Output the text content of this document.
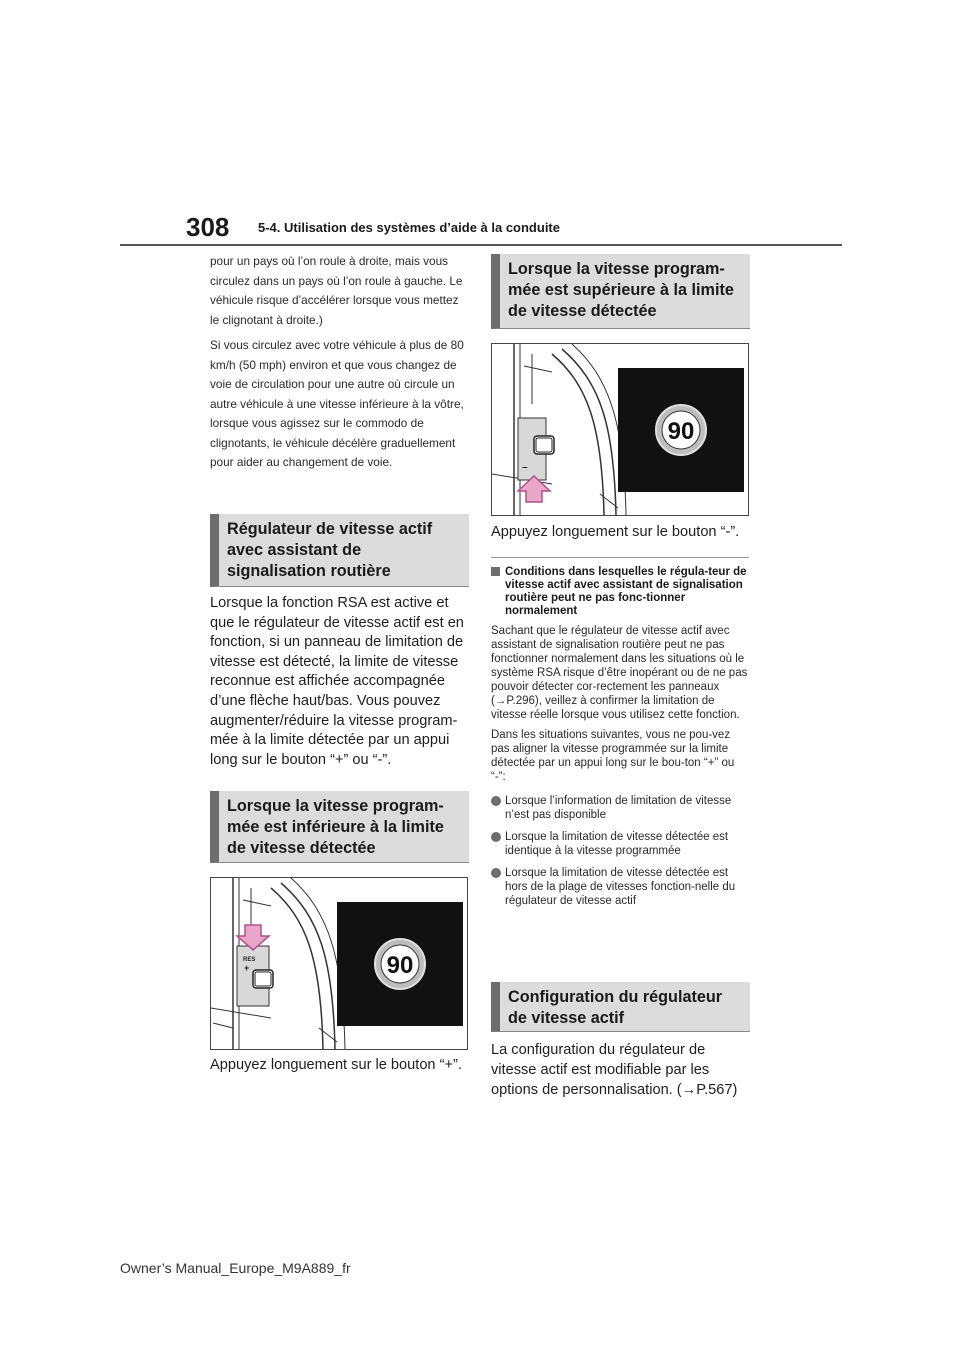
308 5-4. Utilisation des systèmes d’aide à la conduite

pour un pays où l’on roule à droite, mais vous circulez dans un pays où l’on roule à gauche. Le véhicule risque d’accélérer lorsque vous mettez le clignotant à droite.)

Si vous circulez avec votre véhicule à plus de 80 km/h (50 mph) environ et que vous changez de voie de circulation pour une autre où circule un autre véhicule à une vitesse inférieure à la vôtre, lorsque vous agissez sur le commodo de clignotants, le véhicule décélère graduellement pour aider au changement de voie.

Régulateur de vitesse actif avec assistant de signalisation routière

Lorsque la fonction RSA est active et que le régulateur de vitesse actif est en fonction, si un panneau de limitation de vitesse est détecté, la limite de vitesse reconnue est affichée accompagnée d’une flèche haut/bas. Vous pouvez augmenter/réduire la vitesse program-mée à la limite détectée par un appui long sur le bouton “+” ou “-”.

Lorsque la vitesse program-mée est inférieure à la limite de vitesse détectée
RES
+	90

Appuyez longuement sur le bouton “+”.

Lorsque la vitesse program-mée est supérieure à la limite de vitesse détectée
–
90

Appuyez longuement sur le bouton “-”.

Conditions dans lesquelles le régula-teur de vitesse actif avec assistant de signalisation routière peut ne pas fonc-tionner normalement

Sachant que le régulateur de vitesse actif avec assistant de signalisation routière peut ne pas fonctionner normalement dans les situations où le système RSA risque d’être inopérant ou de ne pas pouvoir détecter cor-rectement les panneaux (→P.296), veillez à confirmer la limitation de vitesse réelle lorsque vous utilisez cette fonction.

Dans les situations suivantes, vous ne pou-vez pas aligner la vitesse programmée sur la limite détectée par un appui long sur le bou-ton “+” ou “-”:

Lorsque l’information de limitation de vitesse n’est pas disponible
Lorsque la limitation de vitesse détectée est identique à la vitesse programmée
Lorsque la limitation de vitesse détectée est hors de la plage de vitesses fonction-nelle du régulateur de vitesse actif
Configuration du régulateur de vitesse actif

La configuration du régulateur de vitesse actif est modifiable par les options de personnalisation. (→P.567)

Owner’s Manual_Europe_M9A889_fr
